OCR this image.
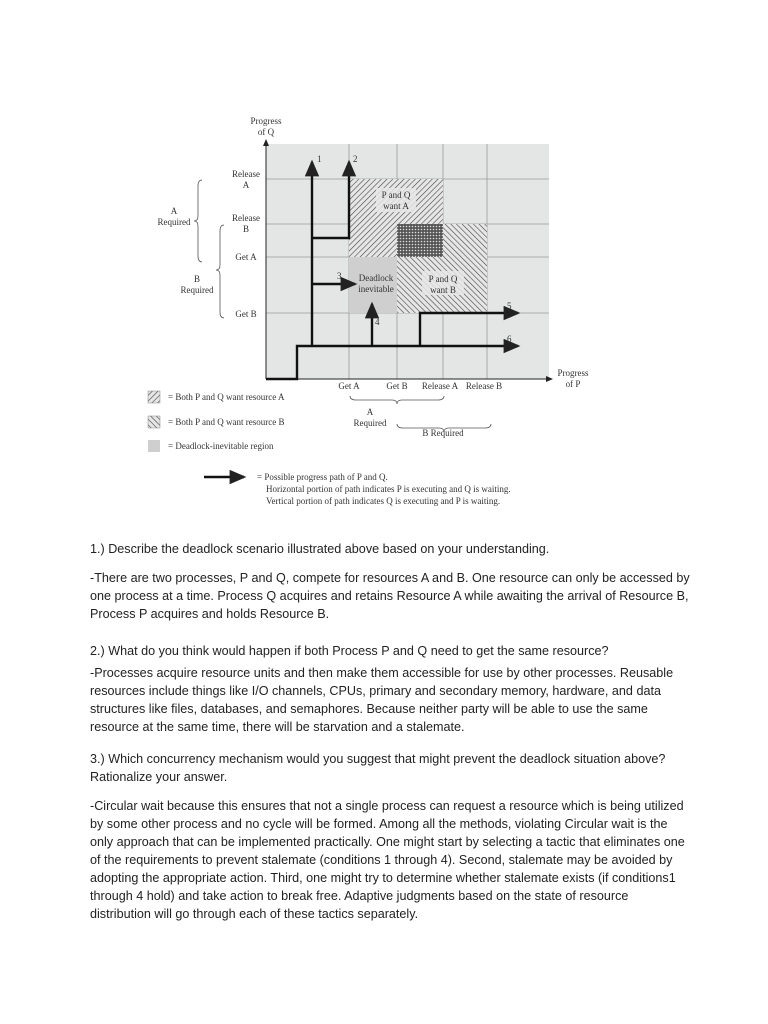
P and Q want A
P and Q want B
Deadlock inevitable
1	2
3
4
5
6
Progress of Q
Progress of P
Release A
Release B
Get A
Get B
Get A	Get B Release A Release B
A Required
B Required
A Required
B Required
= Both P and Q want resource A
= Both P and Q want resource B
= Deadlock-inevitable region
= Possible progress path of P and Q.
Horizontal portion of path indicates P is executing and Q is waiting.
Vertical portion of path indicates Q is executing and P is waiting.

1.) Describe the deadlock scenario illustrated above based on your understanding.

-There are two processes, P and Q, compete for resources A and B. One resource can only be accessed by one process at a time. Process Q acquires and retains Resource A while awaiting the arrival of Resource B, Process P acquires and holds Resource B.

2.) What do you think would happen if both Process P and Q need to get the same resource?

-Processes acquire resource units and then make them accessible for use by other processes. Reusable resources include things like I/O channels, CPUs, primary and secondary memory, hardware, and data structures like files, databases, and semaphores. Because neither party will be able to use the same resource at the same time, there will be starvation and a stalemate.

3.) Which concurrency mechanism would you suggest that might prevent the deadlock situation above? Rationalize your answer.

-Circular wait because this ensures that not a single process can request a resource which is being utilized by some other process and no cycle will be formed. Among all the methods, violating Circular wait is the only approach that can be implemented practically. One might start by selecting a tactic that eliminates one of the requirements to prevent stalemate (conditions 1 through 4). Second, stalemate may be avoided by adopting the appropriate action. Third, one might try to determine whether stalemate exists (if conditions1 through 4 hold) and take action to break free. Adaptive judgments based on the state of resource distribution will go through each of these tactics separately.
